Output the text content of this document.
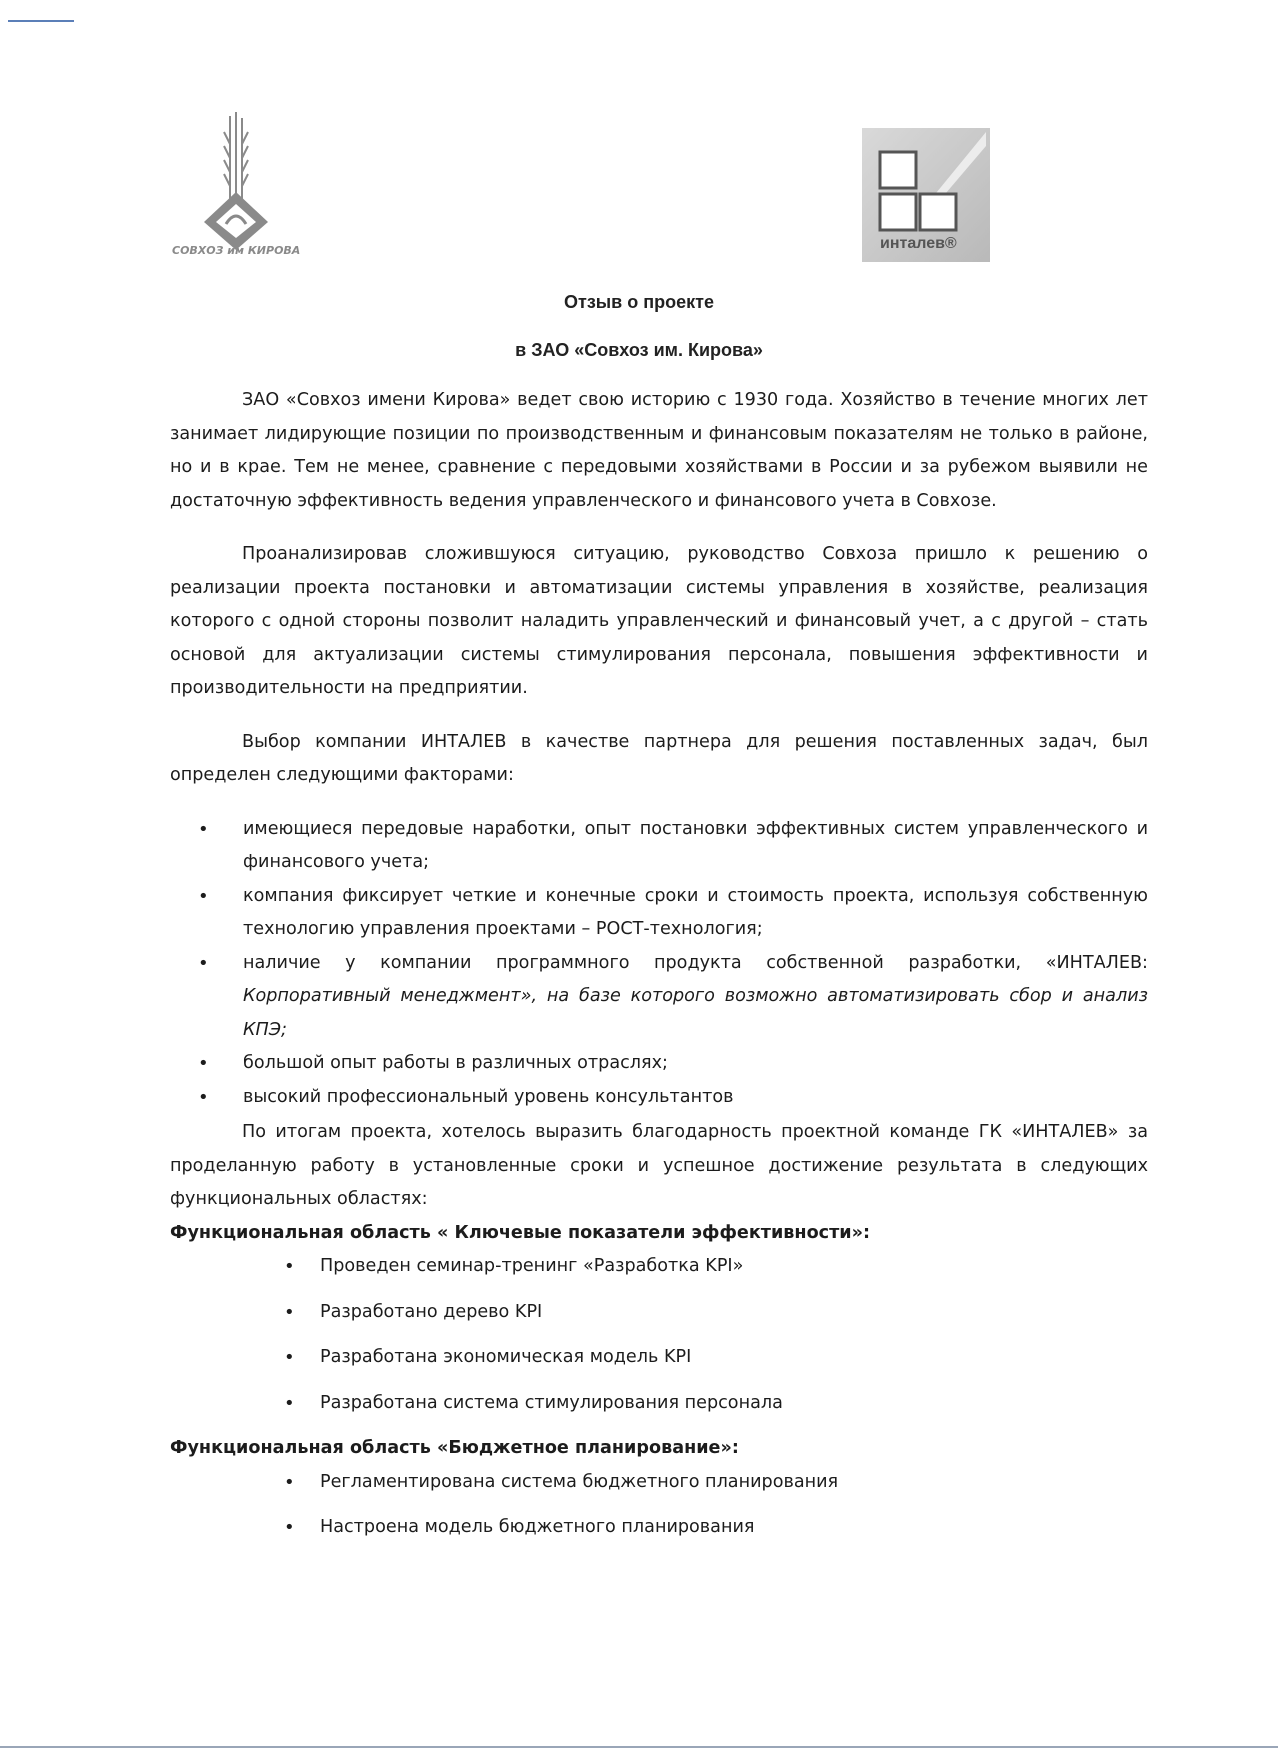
СОВХОЗ им КИРОВА	инталев®
Отзыв о проекте
в ЗАО «Совхоз им. Кирова»

ЗАО «Совхоз имени Кирова» ведет свою историю с 1930 года. Хозяйство в течение многих лет занимает лидирующие позиции по производственным и финансовым показателям не только в районе, но и в крае. Тем не менее, сравнение с передовыми хозяйствами в России и за рубежом выявили не достаточную эффективность ведения управленческого и финансового учета в Совхозе.

Проанализировав сложившуюся ситуацию, руководство Совхоза пришло к решению о реализации проекта постановки и автоматизации системы управления в хозяйстве, реализация которого с одной стороны позволит наладить управленческий и финансовый учет, а с другой – стать основой для актуализации системы стимулирования персонала, повышения эффективности и производительности на предприятии.

Выбор компании ИНТАЛЕВ в качестве партнера для решения поставленных задач, был определен следующими факторами:

• имеющиеся передовые наработки, опыт постановки эффективных систем управленческого и финансового учета;
• компания фиксирует четкие и конечные сроки и стоимость проекта, используя собственную технологию управления проектами – РОСТ-технология;
• наличие у компании программного продукта собственной разработки, «ИНТАЛЕВ: Корпоративный менеджмент», на базе которого возможно автоматизировать сбор и анализ КПЭ;
• большой опыт работы в различных отраслях;
• высокий профессиональный уровень консультантов

По итогам проекта, хотелось выразить благодарность проектной команде ГК «ИНТАЛЕВ» за проделанную работу в установленные сроки и успешное достижение результата в следующих функциональных областях:

Функциональная область « Ключевые показатели эффективности»:

• Проведен семинар-тренинг «Разработка KPI»
• Разработано дерево KPI
• Разработана экономическая модель KPI
• Разработана система стимулирования персонала

Функциональная область «Бюджетное планирование»:

• Регламентирована система бюджетного планирования
• Настроена модель бюджетного планирования
